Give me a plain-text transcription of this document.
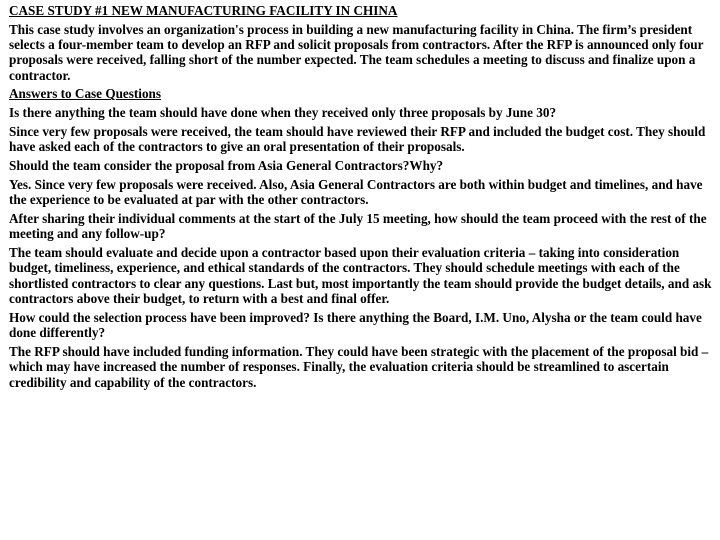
CASE STUDY #1 NEW MANUFACTURING FACILITY IN CHINA

This case study involves an organization's process in building a new manufacturing facility in China. The firm’s president selects a four-member team to develop an RFP and solicit proposals from contractors. After the RFP is announced only four proposals were received, falling short of the number expected. The team schedules a meeting to discuss and finalize upon a contractor.

Answers to Case Questions

Is there anything the team should have done when they received only three proposals by June 30?

Since very few proposals were received, the team should have reviewed their RFP and included the budget cost. They should have asked each of the contractors to give an oral presentation of their proposals.

Should the team consider the proposal from Asia General Contractors?Why?

Yes. Since very few proposals were received. Also, Asia General Contractors are both within budget and timelines, and have the experience to be evaluated at par with the other contractors.

After sharing their individual comments at the start of the July 15 meeting, how should the team proceed with the rest of the meeting and any follow-up?

The team should evaluate and decide upon a contractor based upon their evaluation criteria – taking into consideration budget, timeliness, experience, and ethical standards of the contractors. They should schedule meetings with each of the shortlisted contractors to clear any questions. Last but, most importantly the team should provide the budget details, and ask contractors above their budget, to return with a best and final offer.

How could the selection process have been improved? Is there anything the Board, I.M. Uno, Alysha or the team could have done differently?

The RFP should have included funding information. They could have been strategic with the placement of the proposal bid – which may have increased the number of responses. Finally, the evaluation criteria should be streamlined to ascertain credibility and capability of the contractors.
